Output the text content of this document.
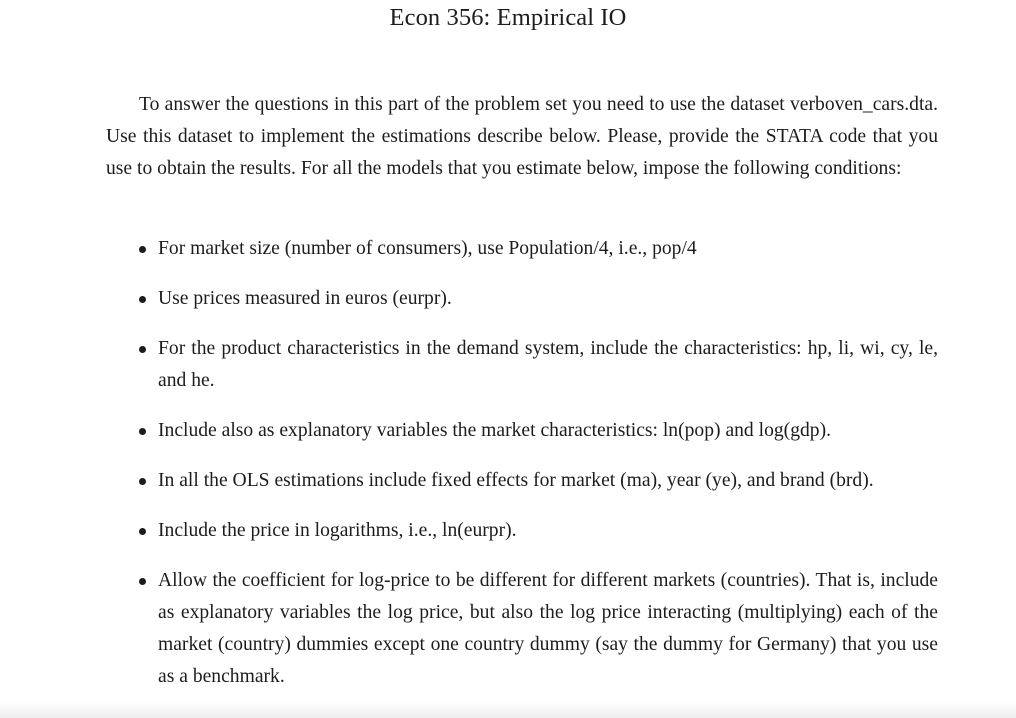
Econ 356: Empirical IO

To answer the questions in this part of the problem set you need to use the dataset verboven_cars.dta. Use this dataset to implement the estimations describe below. Please, provide the STATA code that you use to obtain the results. For all the models that you estimate below, impose the following conditions:

For market size (number of consumers), use Population/4, i.e., pop/4
Use prices measured in euros (eurpr).
For the product characteristics in the demand system, include the characteristics: hp, li, wi, cy, le, and he.
Include also as explanatory variables the market characteristics: ln(pop) and log(gdp).
In all the OLS estimations include fixed effects for market (ma), year (ye), and brand (brd).
Include the price in logarithms, i.e., ln(eurpr).
Allow the coefficient for log-price to be different for different markets (countries). That is, include as explanatory variables the log price, but also the log price interacting (multiplying) each of the market (country) dummies except one country dummy (say the dummy for Germany) that you use as a benchmark.
